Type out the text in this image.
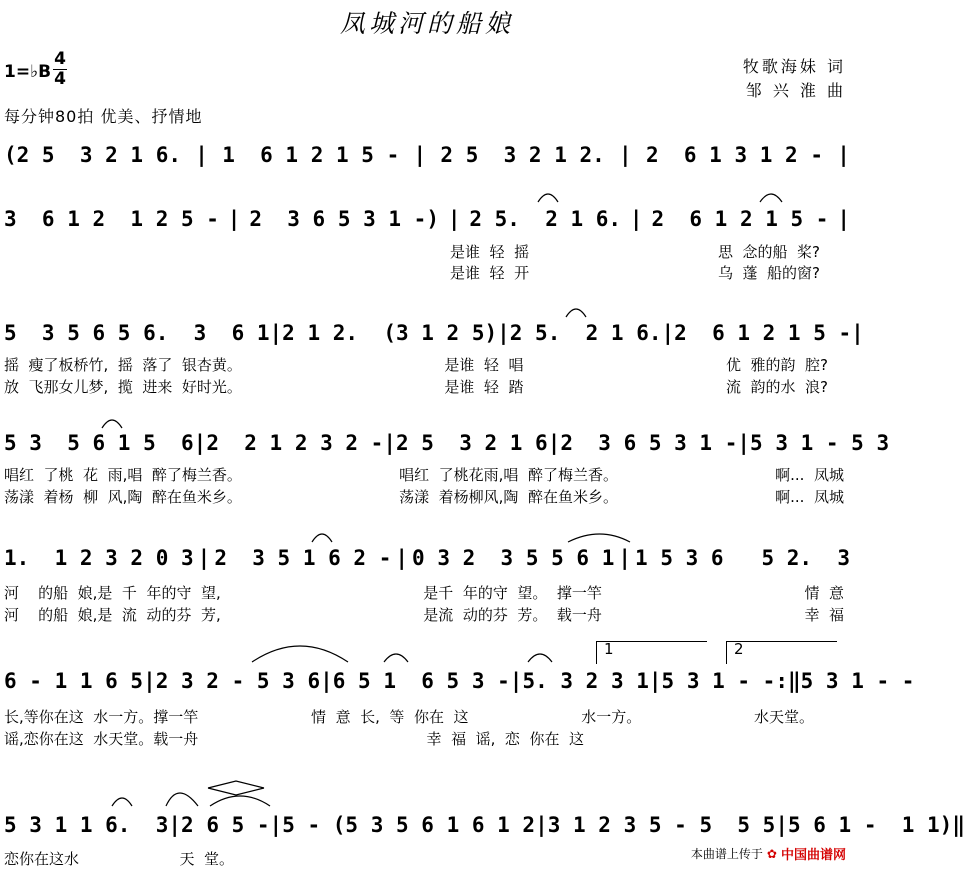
凤城河的船娘
1=♭B
4
4
牧歌海妹 词
邹 兴 淮 曲
每分钟80拍 优美、抒情地
(2 5  3 2 1 6. | 1  6 1 2 1 5 - | 2 5  3 2 1 2. | 2  6 1 3 1 2 - |
3  6 1 2  1 2 5 - | 2  3 6 5 3 1 -) | 2 5.  2 1 6. | 2  6 1 2 1 5 - |
是谁  轻  摇	思  念的船  桨?
是谁  轻  开	乌  蓬  船的窗?
5  3 5 6 5 6.  3  6 1 | 2 1 2.  (3 1 2 5) | 2 5.  2 1 6. | 2  6 1 2 1 5 - |
摇  瘦了板桥竹,  摇  落了  银杏黄。	是谁  轻  唱	优  雅的韵  腔?
放  飞那女儿梦,  揽  进来  好时光。	是谁  轻  踏	流  韵的水  浪?
5 3  5 6 1 5  6 | 2  2 1 2 3 2 - | 2 5  3 2 1 6 | 2  3 6 5 3 1 - | 5 3 1 - 5 3
唱红  了桃  花  雨,唱  醉了梅兰香。	唱红  了桃花雨,唱  醉了梅兰香。	啊...  凤城
荡漾  着杨  柳  风,陶  醉在鱼米乡。	荡漾  着杨柳风,陶  醉在鱼米乡。	啊...  凤城
1.  1 2 3 2 0 3 | 2  3 5 1 6 2 - | 0 3 2  3 5 5 6 1 | 1 5 3 6   5 2.  3
河    的船  娘,是  千  年的守  望,	是千  年的守  望。  撑一竿	情  意
河    的船  娘,是  流  动的芬  芳,	是流  动的芬  芳。  载一舟	幸  福
1	2
6 - 1 1 6 5 | 2 3 2 - 5 3 6 | 6 5 1  6 5 3 - | 5. 3 2 3 1 | 5 3 1 - - :‖ 5 3 1 - -
长,等你在这  水一方。撑一竿	情  意  长,  等  你在  这	水一方。	水天堂。
谣,恋你在这  水天堂。载一舟	幸  福  谣,  恋  你在  这
5 3 1 1 6.  3 | 2 6 5 - | 5 - (5 3 5 6 1 6 1 2 | 3 1 2 3 5 - 5  5 5 | 5 6 1 -  1 1) ‖
恋你在这水	天  堂。	本曲谱上传于 ✿ 中国曲谱网
